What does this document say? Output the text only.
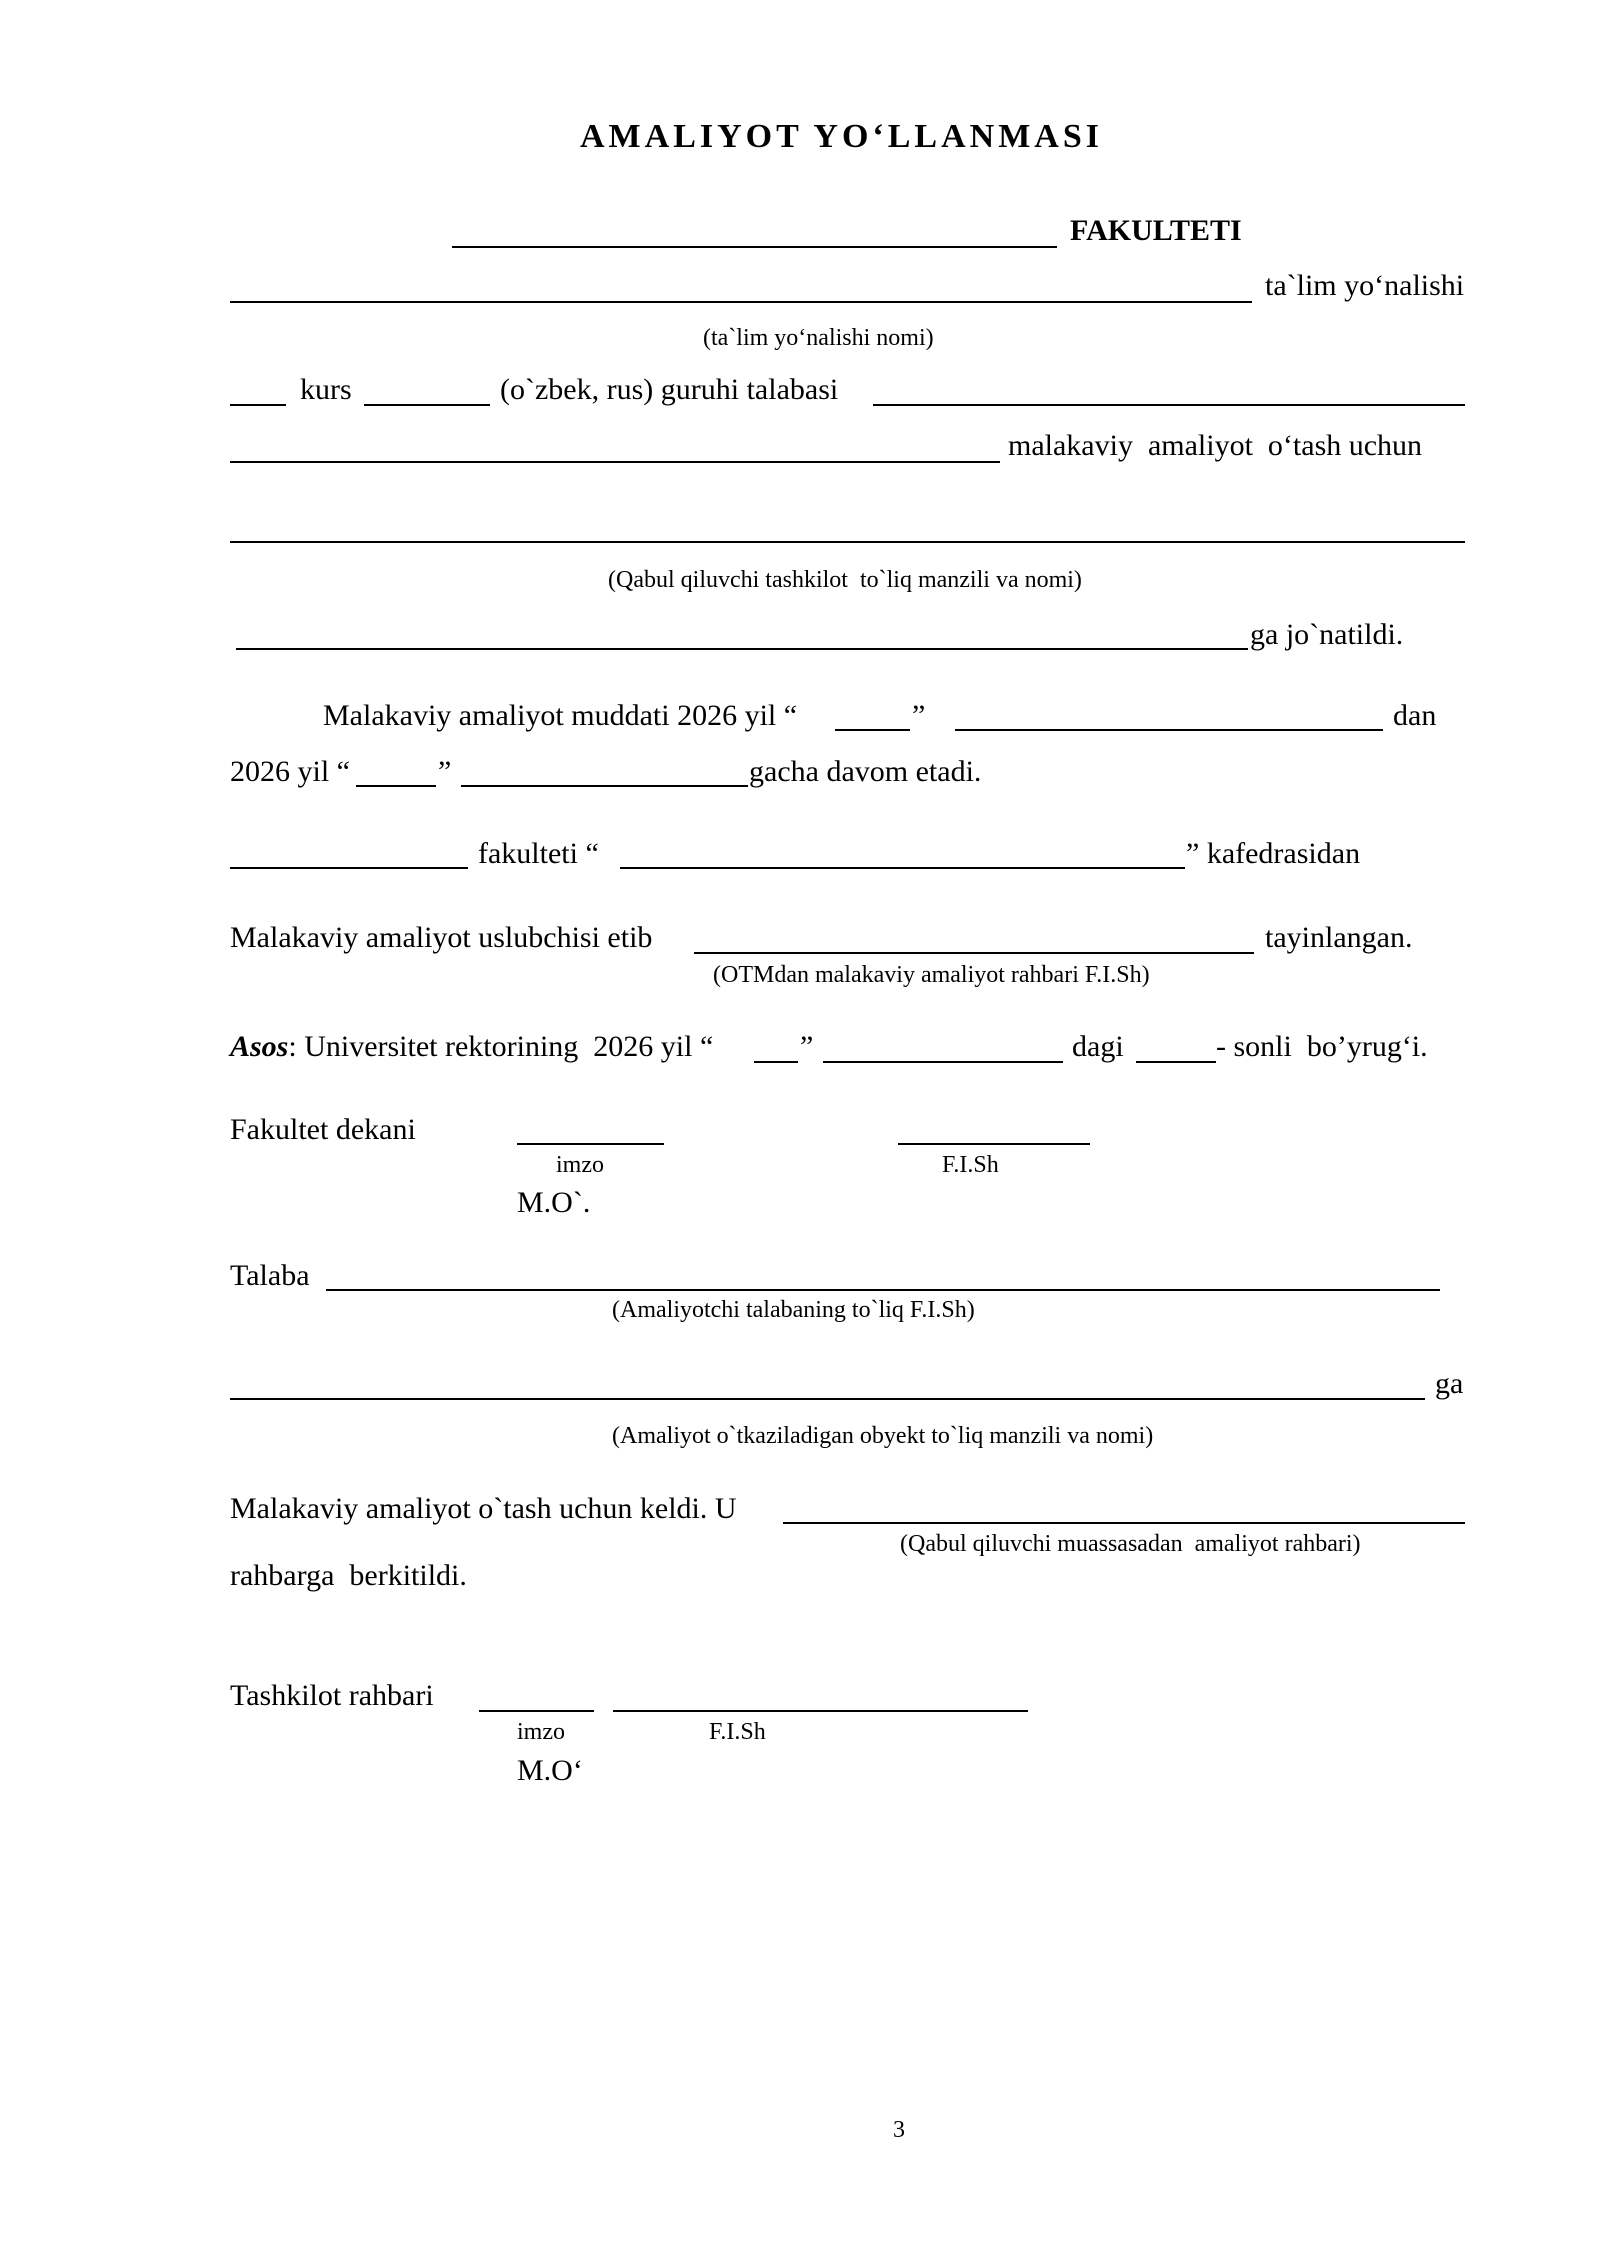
AMALIYOT YO‘LLANMASI
FAKULTETI
ta`lim yo‘nalishi
(ta`lim yo‘nalishi nomi)
kurs	(o`zbek, rus) guruhi talabasi
malakaviy  amaliyot  o‘tash uchun
(Qabul qiluvchi tashkilot  to`liq manzili va nomi)
ga jo`natildi.
Malakaviy amaliyot muddati 2026 yil “	”	dan
2026 yil “	”	gacha davom etadi.
fakulteti “	” kafedrasidan
Malakaviy amaliyot uslubchisi etib	tayinlangan.
(OTMdan malakaviy amaliyot rahbari F.I.Sh)
Asos: Universitet rektorining  2026 yil “	”	dagi	- sonli  bo’yrug‘i.
Fakultet dekani
imzo	F.I.Sh
M.O`.
Talaba
(Amaliyotchi talabaning to`liq F.I.Sh)
ga
(Amaliyot o`tkaziladigan obyekt to`liq manzili va nomi)
Malakaviy amaliyot o`tash uchun keldi. U
(Qabul qiluvchi muassasadan  amaliyot rahbari)
rahbarga  berkitildi.
Tashkilot rahbari
imzo	F.I.Sh
M.O‘
3
